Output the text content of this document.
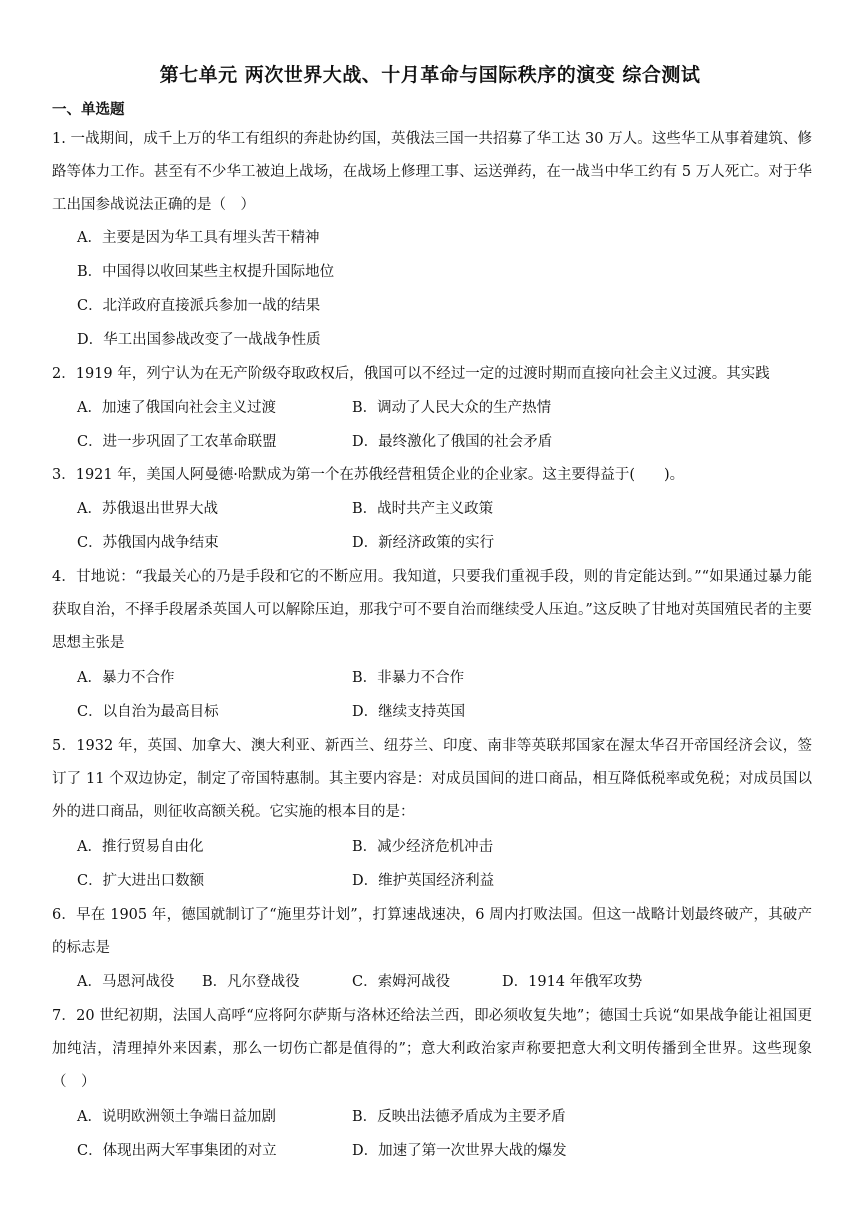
第七单元 两次世界大战、十月革命与国际秩序的演变 综合测试
一、单选题
1. 一战期间，成千上万的华工有组织的奔赴协约国，英俄法三国一共招募了华工达 30 万人。这些华工从事着建筑、修路等体力工作。甚至有不少华工被迫上战场，在战场上修理工事、运送弹药，在一战当中华工约有 5 万人死亡。对于华工出国参战说法正确的是（　）
A．主要是因为华工具有埋头苦干精神
B．中国得以收回某些主权提升国际地位
C．北洋政府直接派兵参加一战的结果
D．华工出国参战改变了一战战争性质
2．1919 年，列宁认为在无产阶级夺取政权后，俄国可以不经过一定的过渡时期而直接向社会主义过渡。其实践
A．加速了俄国向社会主义过渡	B．调动了人民大众的生产热情
C．进一步巩固了工农革命联盟	D．最终激化了俄国的社会矛盾
3．1921 年，美国人阿曼德·哈默成为第一个在苏俄经营租赁企业的企业家。这主要得益于(　　)。
A．苏俄退出世界大战	B．战时共产主义政策
C．苏俄国内战争结束	D．新经济政策的实行
4．甘地说：“我最关心的乃是手段和它的不断应用。我知道，只要我们重视手段，则的肯定能达到。”“如果通过暴力能获取自治，不择手段屠杀英国人可以解除压迫，那我宁可不要自治而继续受人压迫。”这反映了甘地对英国殖民者的主要思想主张是
A．暴力不合作	B．非暴力不合作
C．以自治为最高目标	D．继续支持英国
5．1932 年，英国、加拿大、澳大利亚、新西兰、纽芬兰、印度、南非等英联邦国家在渥太华召开帝国经济会议，签订了 11 个双边协定，制定了帝国特惠制。其主要内容是：对成员国间的进口商品，相互降低税率或免税；对成员国以外的进口商品，则征收高额关税。它实施的根本目的是：
A．推行贸易自由化	B．减少经济危机冲击
C．扩大进出口数额	D．维护英国经济利益
6．早在 1905 年，德国就制订了“施里芬计划”，打算速战速决，6 周内打败法国。但这一战略计划最终破产，其破产的标志是
A．马恩河战役 B．凡尔登战役	C．索姆河战役	D．1914 年俄军攻势
7．20 世纪初期，法国人高呼“应将阿尔萨斯与洛林还给法兰西，即必须收复失地”；德国士兵说“如果战争能让祖国更加纯洁，清理掉外来因素，那么一切伤亡都是值得的”；意大利政治家声称要把意大利文明传播到全世界。这些现象（　）
A．说明欧洲领土争端日益加剧	B．反映出法德矛盾成为主要矛盾
C．体现出两大军事集团的对立	D．加速了第一次世界大战的爆发
